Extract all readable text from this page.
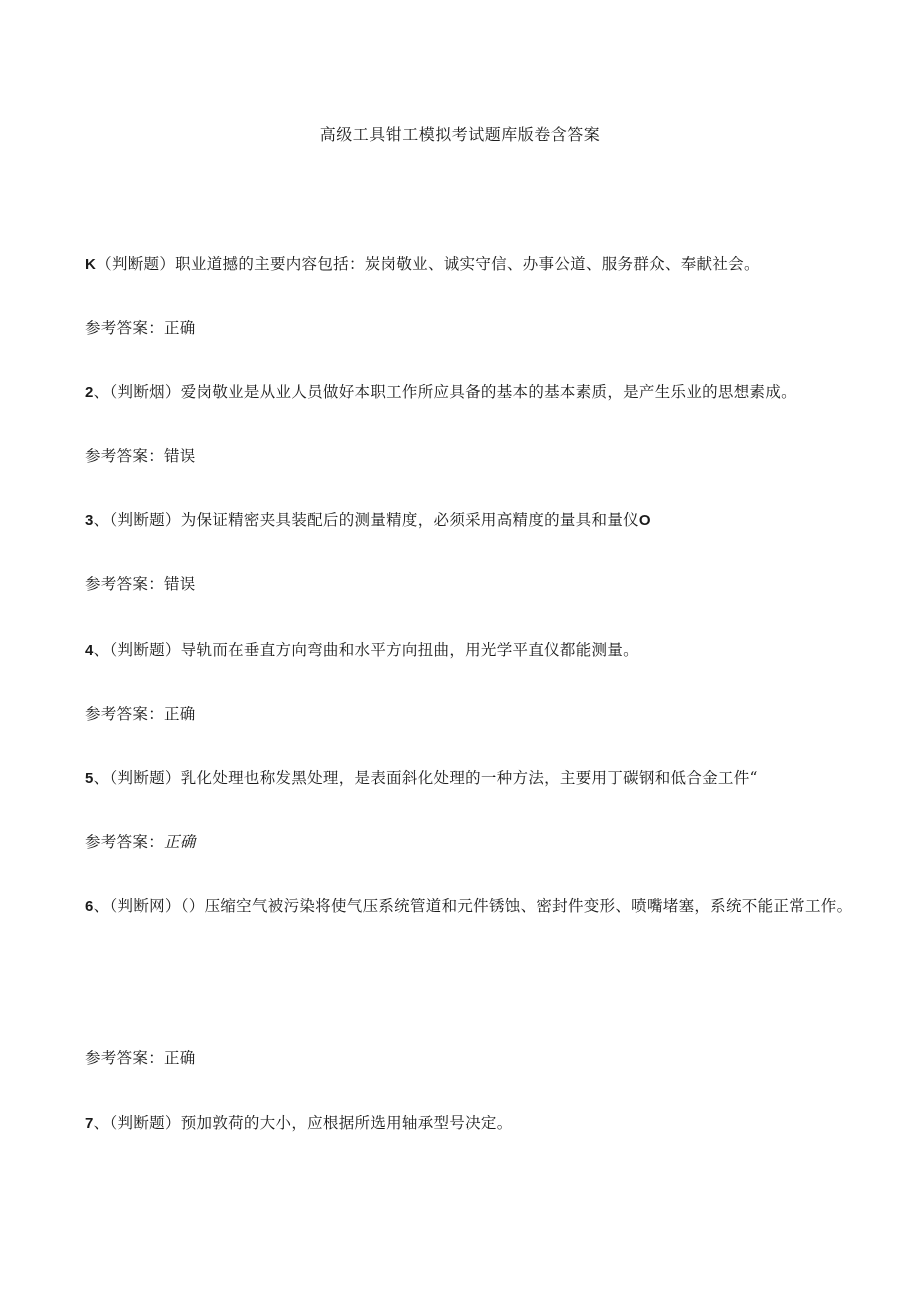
高级工具钳工模拟考试题库版卷含答案
K（判断题）职业道撼的主要内容包括：炭岗敬业、诚实守信、办事公道、服务群众、奉献社会。
参考答案：正确
2、（判断烟）爱岗敬业是从业人员做好本职工作所应具备的基本的基本素质，是产生乐业的思想素成。
参考答案：错误
3、（判断题）为保证精密夹具装配后的测量精度，必须采用高精度的量具和量仪O
参考答案：错误
4、（判断题）导轨而在垂直方向弯曲和水平方向扭曲，用光学平直仪都能测量。
参考答案：正确
5、（判断题）乳化处理也称发黑处理，是表面斜化处理的一种方法，主要用丁碳钢和低合金工件“
参考答案：正确
6、（判断网）（）压缩空气被污染将使气压系统管道和元件锈蚀、密封件变形、喷嘴堵塞，系统不能正常工作。
参考答案：正确
7、（判断题）预加敦荷的大小，应根据所选用轴承型号决定。
